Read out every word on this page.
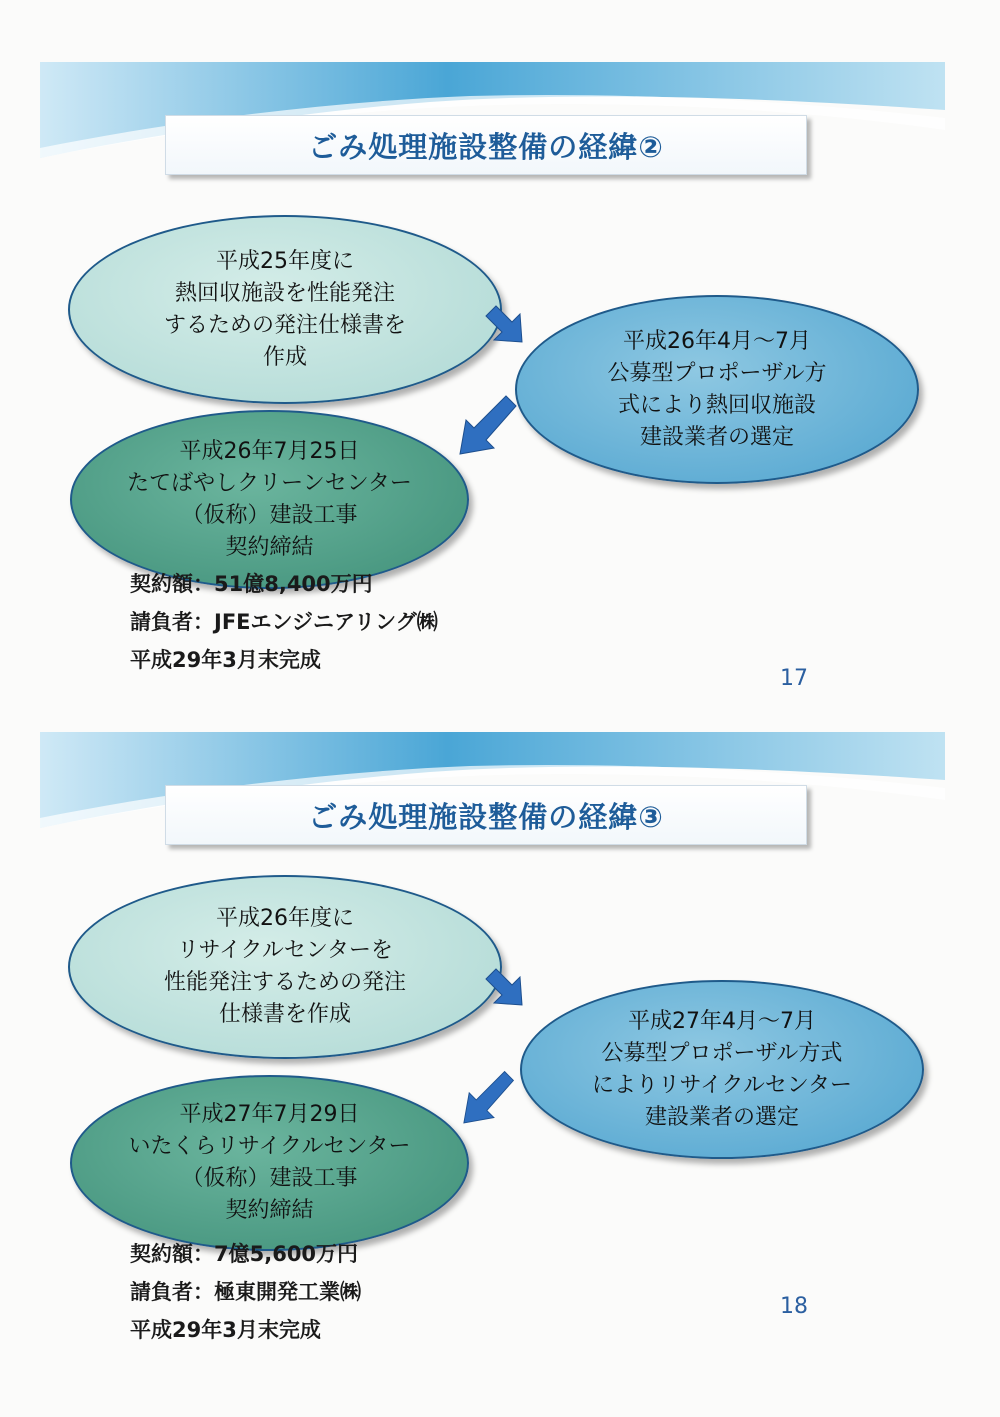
ごみ処理施設整備の経緯②
平成25年度に
熱回収施設を性能発注
するための発注仕様書を
作成
平成26年4月～7月
公募型プロポーザル方
式により熱回収施設
建設業者の選定
平成26年7月25日
たてばやしクリーンセンター
（仮称）建設工事
契約締結
契約額：51億8,400万円
請負者：JFEエンジニアリング㈱
平成29年3月末完成
17
ごみ処理施設整備の経緯③
平成26年度に
リサイクルセンターを
性能発注するための発注
仕様書を作成	平成27年4月～7月
公募型プロポーザル方式
によりリサイクルセンター
建設業者の選定
平成27年7月29日
いたくらリサイクルセンター
（仮称）建設工事
契約締結
契約額：7億5,600万円
請負者：極東開発工業㈱
平成29年3月末完成
18
